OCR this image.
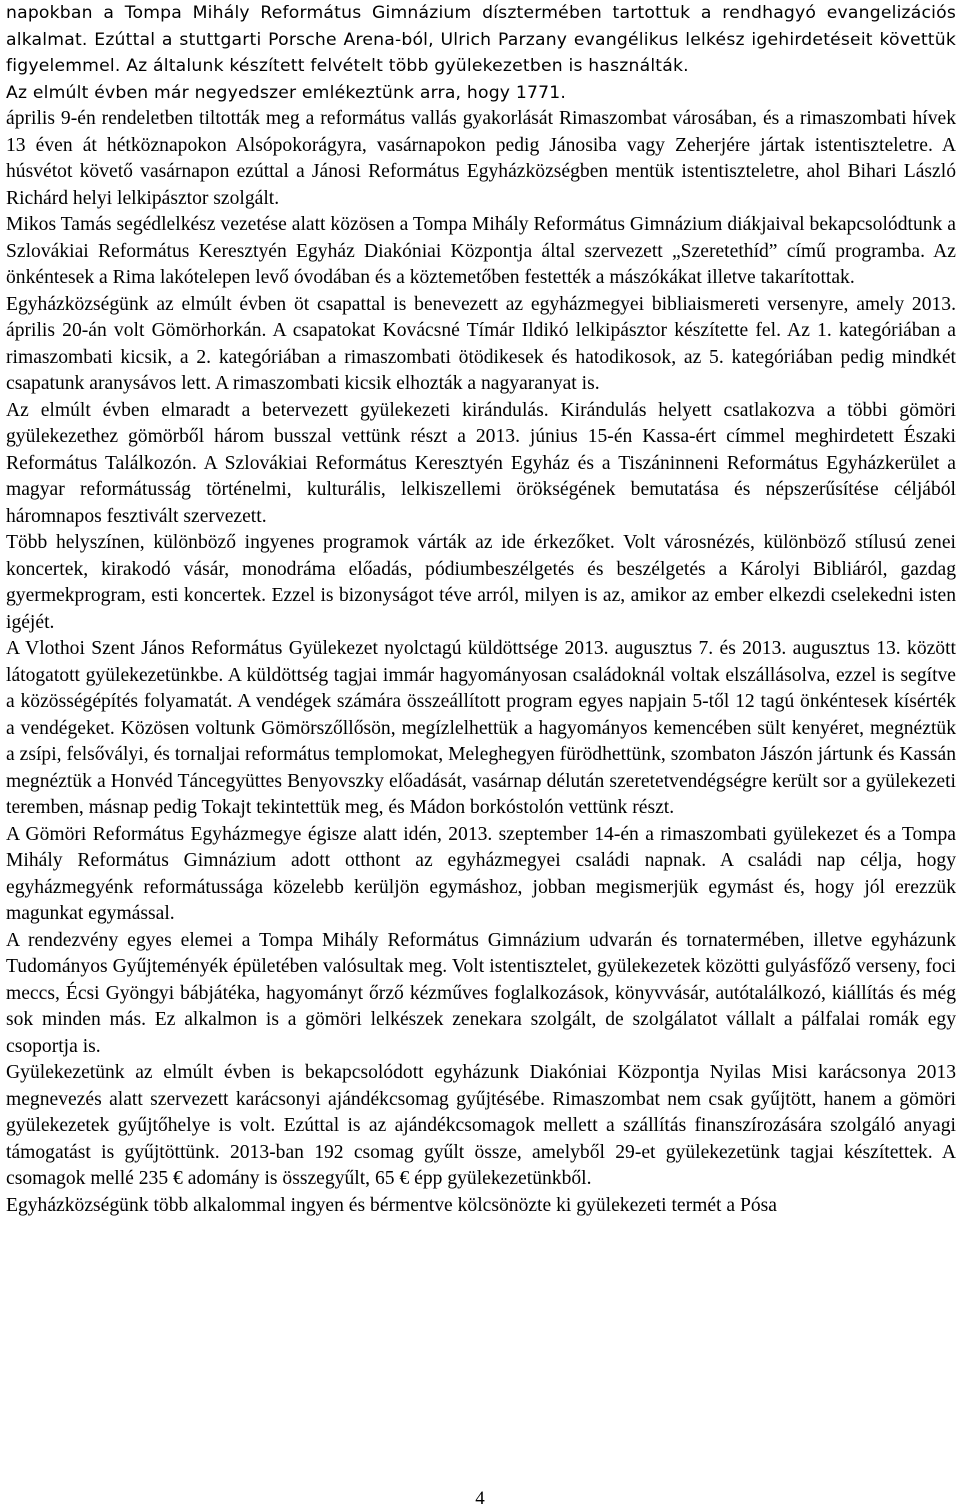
napokban a Tompa Mihály Református Gimnázium dísztermében tartottuk a rendhagyó evangelizációs alkalmat. Ezúttal a stuttgarti Porsche Arena-ból, Ulrich Parzany evangélikus lelkész igehirdetéseit követtük figyelemmel. Az általunk készített felvételt több gyülekezetben is használták.

Az elmúlt évben már negyedszer emlékeztünk arra, hogy 1771.

április 9-én rendeletben tiltották meg a református vallás gyakorlását Rimaszombat városában, és a rimaszombati hívek 13 éven át hétköznapokon Alsópokorágyra, vasárnapokon pedig Jánosiba vagy Zeherjére jártak istentiszteletre. A húsvétot követő vasárnapon ezúttal a Jánosi Református Egyházközségben mentük istentiszteletre, ahol Bihari László Richárd helyi lelkipásztor szolgált.

Mikos Tamás segédlelkész vezetése alatt közösen a Tompa Mihály Református Gimnázium diákjaival bekapcsolódtunk a Szlovákiai Református Keresztyén Egyház Diakóniai Központja által szervezett „Szeretethíd” című programba. Az önkéntesek a Rima lakótelepen levő óvodában és a köztemetőben festették a mászókákat illetve takarítottak.

Egyházközségünk az elmúlt évben öt csapattal is benevezett az egyházmegyei bibliaismereti versenyre, amely 2013. április 20-án volt Gömörhorkán. A csapatokat Kovácsné Tímár Ildikó lelkipásztor készítette fel. Az 1. kategóriában a rimaszombati kicsik, a 2. kategóriában a rimaszombati ötödikesek és hatodikosok, az 5. kategóriában pedig mindkét csapatunk aranysávos lett. A rimaszombati kicsik elhozták a nagyaranyat is.

Az elmúlt évben elmaradt a betervezett gyülekezeti kirándulás. Kirándulás helyett csatlakozva a többi gömöri gyülekezethez gömörből három busszal vettünk részt a 2013. június 15-én Kassa-ért címmel meghirdetett Északi Református Találkozón. A Szlovákiai Református Keresztyén Egyház és a Tiszáninneni Református Egyházkerület a magyar reformátusság történelmi, kulturális, lelkiszellemi örökségének bemutatása és népszerűsítése céljából háromnapos fesztivált szervezett.

Több helyszínen, különböző ingyenes programok várták az ide érkezőket. Volt városnézés, különböző stílusú zenei koncertek, kirakodó vásár, monodráma előadás, pódiumbeszélgetés és beszélgetés a Károlyi Bibliáról, gazdag gyermekprogram, esti koncertek. Ezzel is bizonyságot téve arról, milyen is az, amikor az ember elkezdi cselekedni isten igéjét.

A Vlothoi Szent János Református Gyülekezet nyolctagú küldöttsége 2013. augusztus 7. és 2013. augusztus 13. között látogatott gyülekezetünkbe. A küldöttség tagjai immár hagyományosan családoknál voltak elszállásolva, ezzel is segítve a közösségépítés folyamatát. A vendégek számára összeállított program egyes napjain 5-től 12 tagú önkéntesek kísérték a vendégeket. Közösen voltunk Gömörszőllősön, megízlelhettük a hagyományos kemencében sült kenyéret, megnéztük a zsípi, felsővályi, és tornaljai református templomokat, Meleghegyen fürödhettünk, szombaton Jászón jártunk és Kassán megnéztük a Honvéd Táncegyüttes Benyovszky előadását, vasárnap délután szeretetvendégségre került sor a gyülekezeti teremben, másnap pedig Tokajt tekintettük meg, és Mádon borkóstolón vettünk részt.

A Gömöri Református Egyházmegye égisze alatt idén, 2013. szeptember 14-én a rimaszombati gyülekezet és a Tompa Mihály Református Gimnázium adott otthont az egyházmegyei családi napnak. A családi nap célja, hogy egyházmegyénk reformátussága közelebb kerüljön egymáshoz, jobban megismerjük egymást és, hogy jól erezzük magunkat egymással.

A rendezvény egyes elemei a Tompa Mihály Református Gimnázium udvarán és tornatermében, illetve egyházunk Tudományos Gyűjteményék épületében valósultak meg. Volt istentisztelet, gyülekezetek közötti gulyásfőző verseny, foci meccs, Écsi Gyöngyi bábjátéka, hagyományt őrző kézműves foglalkozások, könyvvásár, autótalálkozó, kiállítás és még sok minden más. Ez alkalmon is a gömöri lelkészek zenekara szolgált, de szolgálatot vállalt a pálfalai romák egy csoportja is.

Gyülekezetünk az elmúlt évben is bekapcsolódott egyházunk Diakóniai Központja Nyilas Misi karácsonya 2013 megnevezés alatt szervezett karácsonyi ajándékcsomag gyűjtésébe. Rimaszombat nem csak gyűjtött, hanem a gömöri gyülekezetek gyűjtőhelye is volt. Ezúttal is az ajándékcsomagok mellett a szállítás finanszírozására szolgáló anyagi támogatást is gyűjtöttünk. 2013-ban 192 csomag gyűlt össze, amelyből 29-et gyülekezetünk tagjai készítettek. A csomagok mellé 235 € adomány is összegyűlt, 65 € épp gyülekezetünkből.

Egyházközségünk több alkalommal ingyen és bérmentve kölcsönözte ki gyülekezeti termét a Pósa

4
